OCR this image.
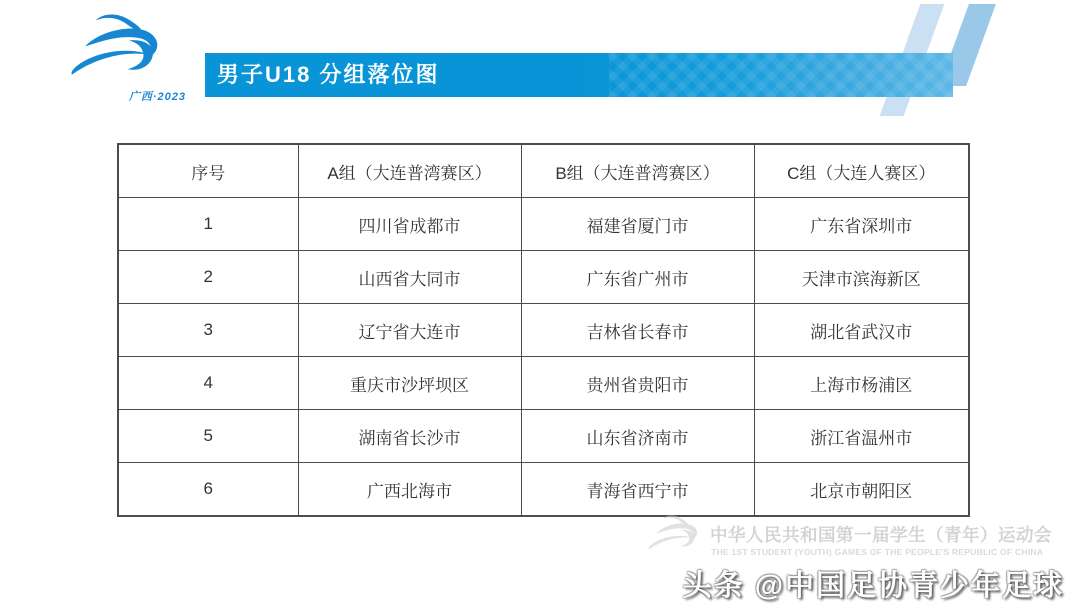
广西·2023
男子U18 分组落位图
序号	A组（大连普湾赛区）	B组（大连普湾赛区）	C组（大连人赛区）
1	四川省成都市	福建省厦门市	广东省深圳市
2	山西省大同市	广东省广州市	天津市滨海新区
3	辽宁省大连市	吉林省长春市	湖北省武汉市
4	重庆市沙坪坝区	贵州省贵阳市	上海市杨浦区
5	湖南省长沙市	山东省济南市	浙江省温州市
6	广西北海市	青海省西宁市	北京市朝阳区
中华人民共和国第一届学生（青年）运动会
THE 1ST STUDENT (YOUTH) GAMES OF THE PEOPLE'S REPUBLIC OF CHINA
头条 @中国足协青少年足球
